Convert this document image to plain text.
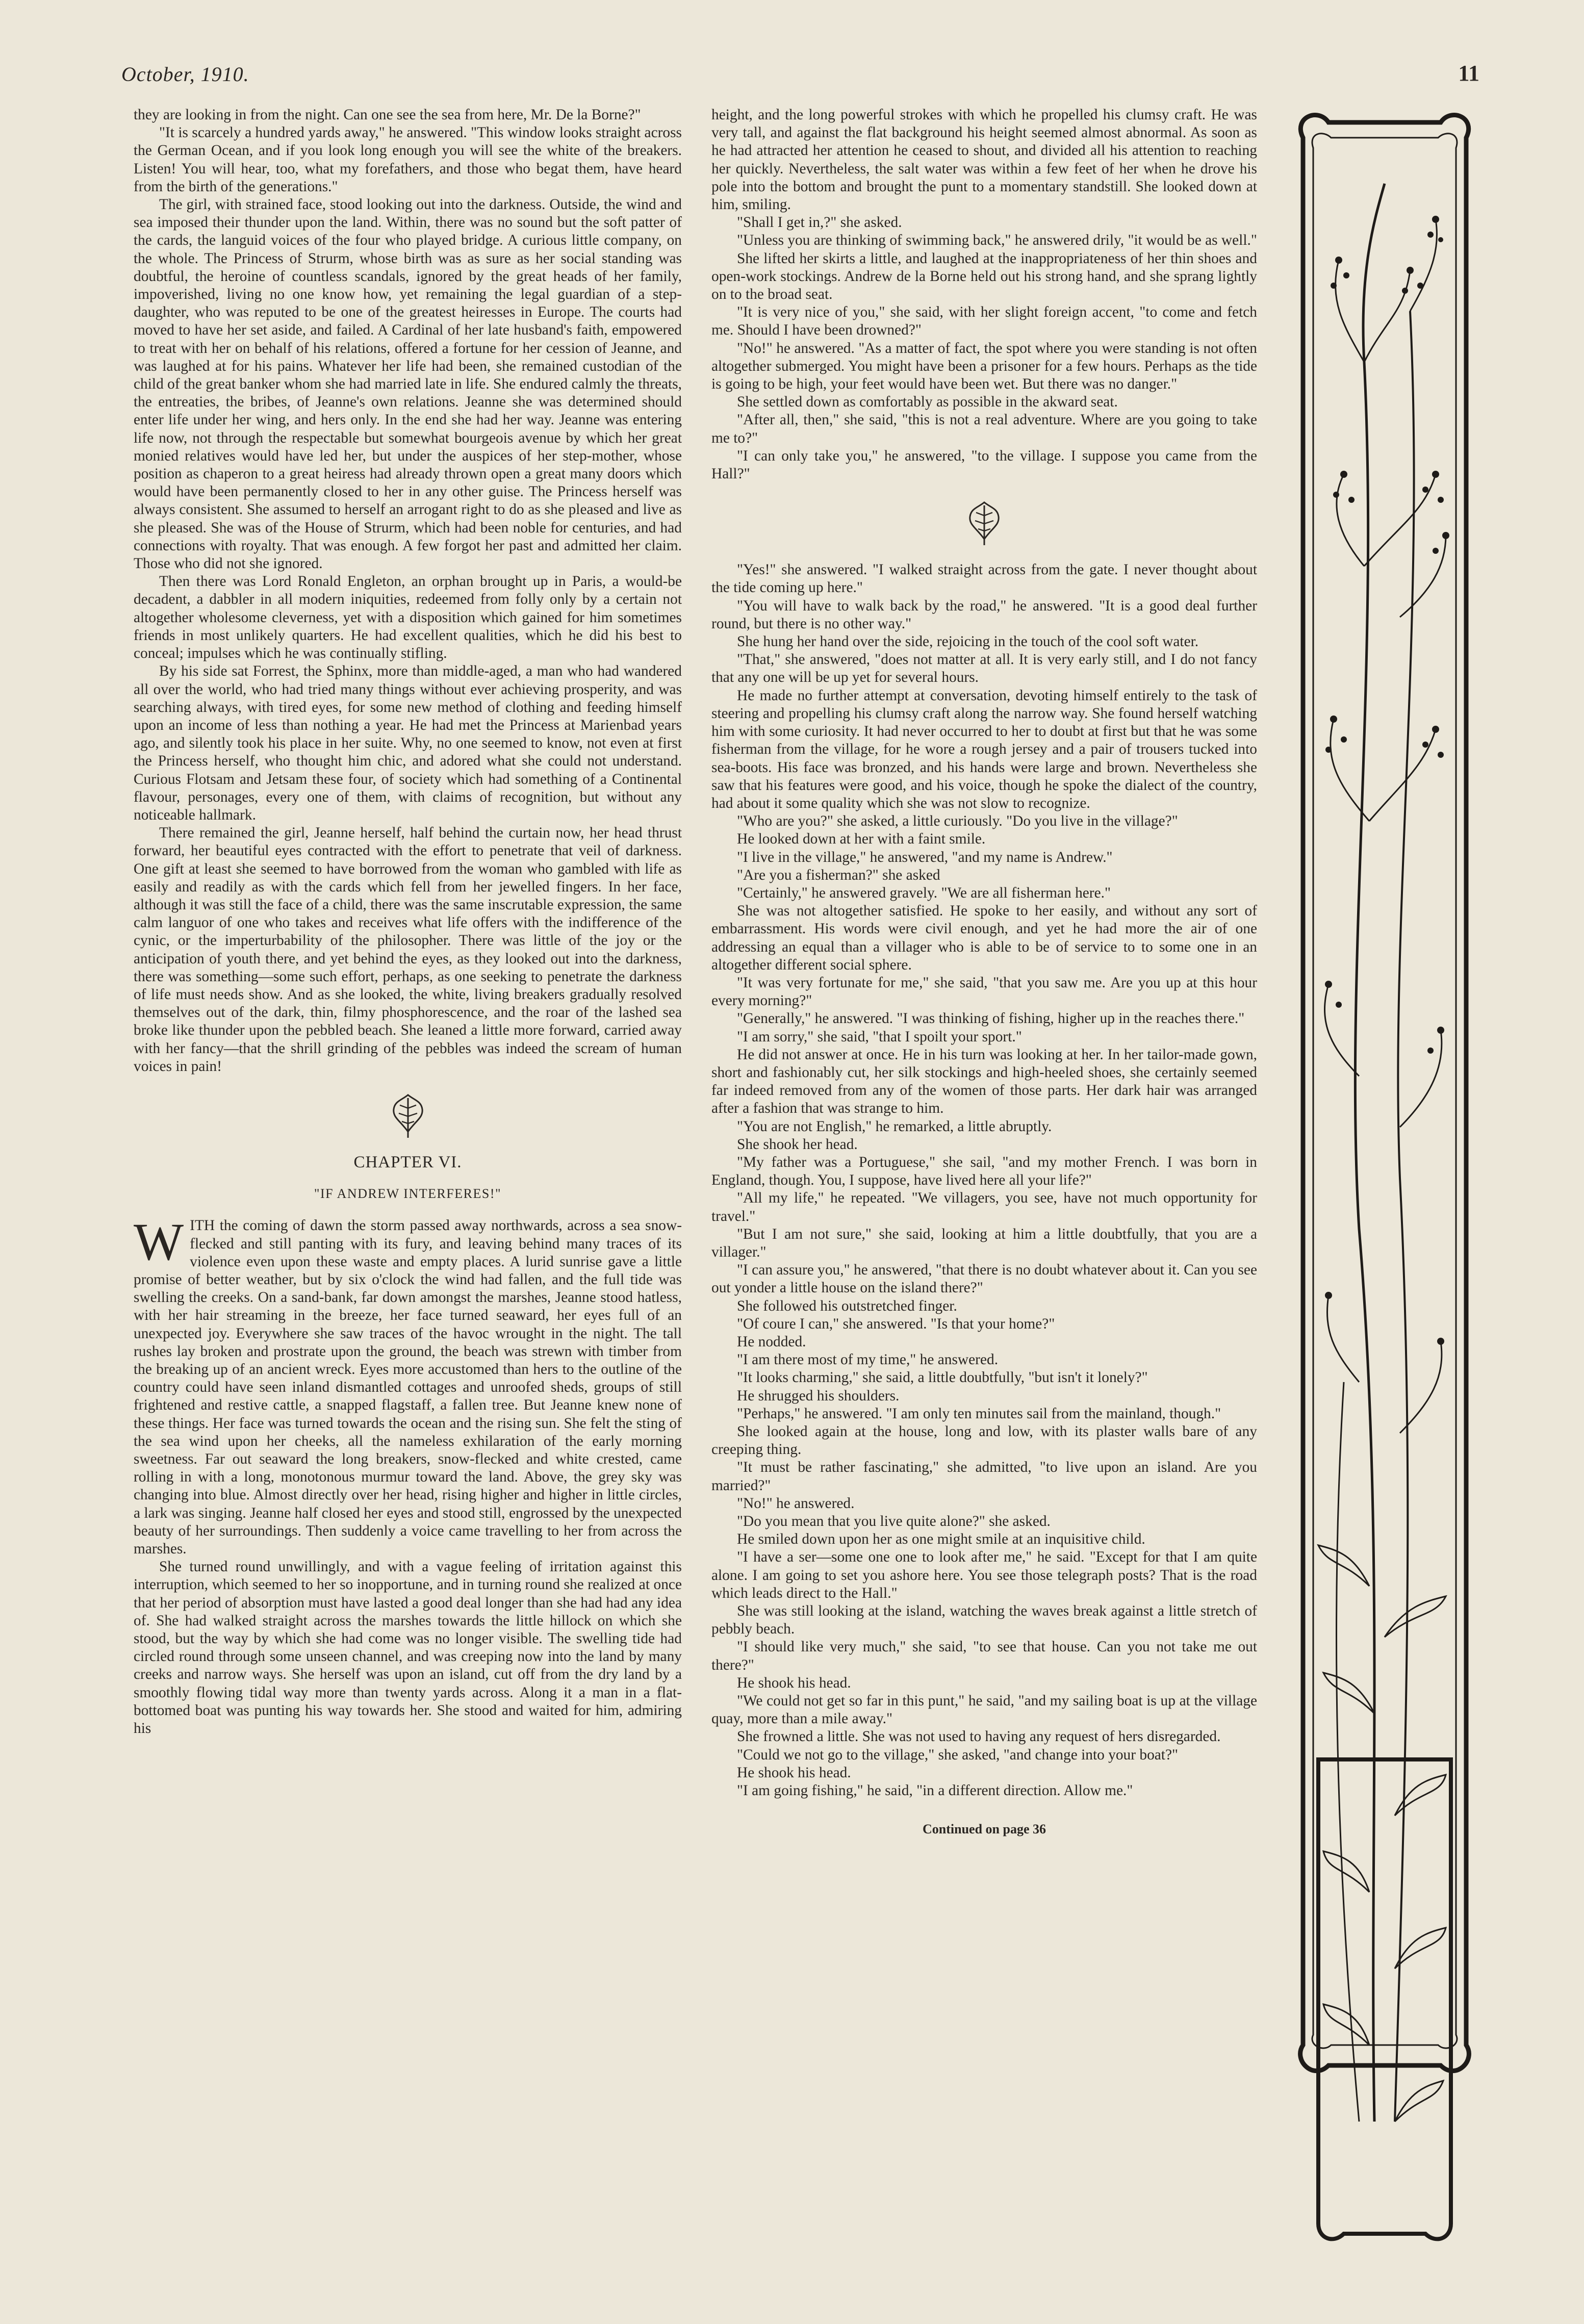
October, 1910.	11

they are looking in from the night. Can one see the sea from here, Mr. De la Borne?"

"It is scarcely a hundred yards away," he answered. "This window looks straight across the German Ocean, and if you look long enough you will see the white of the breakers. Listen! You will hear, too, what my forefathers, and those who begat them, have heard from the birth of the generations."

The girl, with strained face, stood looking out into the darkness. Outside, the wind and sea imposed their thunder upon the land. Within, there was no sound but the soft patter of the cards, the languid voices of the four who played bridge. A curious little company, on the whole. The Princess of Strurm, whose birth was as sure as her social standing was doubtful, the heroine of countless scandals, ignored by the great heads of her family, impoverished, living no one know how, yet remaining the legal guardian of a step-daughter, who was reputed to be one of the greatest heiresses in Europe. The courts had moved to have her set aside, and failed. A Cardinal of her late husband's faith, empowered to treat with her on behalf of his relations, offered a fortune for her cession of Jeanne, and was laughed at for his pains. Whatever her life had been, she remained custodian of the child of the great banker whom she had married late in life. She endured calmly the threats, the entreaties, the bribes, of Jeanne's own relations. Jeanne she was determined should enter life under her wing, and hers only. In the end she had her way. Jeanne was entering life now, not through the respectable but somewhat bourgeois avenue by which her great monied relatives would have led her, but under the auspices of her step-mother, whose position as chaperon to a great heiress had already thrown open a great many doors which would have been permanently closed to her in any other guise. The Princess herself was always consistent. She assumed to herself an arrogant right to do as she pleased and live as she pleased. She was of the House of Strurm, which had been noble for centuries, and had connections with royalty. That was enough. A few forgot her past and admitted her claim. Those who did not she ignored.

Then there was Lord Ronald Engleton, an orphan brought up in Paris, a would-be decadent, a dabbler in all modern iniquities, redeemed from folly only by a certain not altogether wholesome cleverness, yet with a disposition which gained for him sometimes friends in most unlikely quarters. He had excellent qualities, which he did his best to conceal; impulses which he was continually stifling.

By his side sat Forrest, the Sphinx, more than middle-aged, a man who had wandered all over the world, who had tried many things without ever achieving prosperity, and was searching always, with tired eyes, for some new method of clothing and feeding himself upon an income of less than nothing a year. He had met the Princess at Marienbad years ago, and silently took his place in her suite. Why, no one seemed to know, not even at first the Princess herself, who thought him chic, and adored what she could not understand. Curious Flotsam and Jetsam these four, of society which had something of a Continental flavour, personages, every one of them, with claims of recognition, but without any noticeable hallmark.

There remained the girl, Jeanne herself, half behind the curtain now, her head thrust forward, her beautiful eyes contracted with the effort to penetrate that veil of darkness. One gift at least she seemed to have borrowed from the woman who gambled with life as easily and readily as with the cards which fell from her jewelled fingers. In her face, although it was still the face of a child, there was the same inscrutable expression, the same calm languor of one who takes and receives what life offers with the indifference of the cynic, or the imperturbability of the philosopher. There was little of the joy or the anticipation of youth there, and yet behind the eyes, as they looked out into the darkness, there was something—some such effort, perhaps, as one seeking to penetrate the darkness of life must needs show. And as she looked, the white, living breakers gradually resolved themselves out of the dark, thin, filmy phosphorescence, and the roar of the lashed sea broke like thunder upon the pebbled beach. She leaned a little more forward, carried away with her fancy—that the shrill grinding of the pebbles was indeed the scream of human voices in pain!

CHAPTER VI.
"IF ANDREW INTERFERES!"
W ITH the coming of dawn the storm passed away northwards, across a sea snow-flecked and still panting with its fury, and leaving behind many traces of its violence even upon these waste and empty places. A lurid sunrise gave a little promise of better weather, but by six o'clock the wind had fallen, and the full tide was swelling the creeks. On a sand-bank, far down amongst the marshes, Jeanne stood hatless, with her hair streaming in the breeze, her face turned seaward, her eyes full of an unexpected joy. Everywhere she saw traces of the havoc wrought in the night. The tall rushes lay broken and prostrate upon the ground, the beach was strewn with timber from the breaking up of an ancient wreck. Eyes more accustomed than hers to the outline of the country could have seen inland dismantled cottages and unroofed sheds, groups of still frightened and restive cattle, a snapped flagstaff, a fallen tree. But Jeanne knew none of these things. Her face was turned towards the ocean and the rising sun. She felt the sting of the sea wind upon her cheeks, all the nameless exhilaration of the early morning sweetness. Far out seaward the long breakers, snow-flecked and white crested, came rolling in with a long, monotonous murmur toward the land. Above, the grey sky was changing into blue. Almost directly over her head, rising higher and higher in little circles, a lark was singing. Jeanne half closed her eyes and stood still, engrossed by the unexpected beauty of her surroundings. Then suddenly a voice came travelling to her from across the marshes.

She turned round unwillingly, and with a vague feeling of irritation against this interruption, which seemed to her so inopportune, and in turning round she realized at once that her period of absorption must have lasted a good deal longer than she had had any idea of. She had walked straight across the marshes towards the little hillock on which she stood, but the way by which she had come was no longer visible. The swelling tide had circled round through some unseen channel, and was creeping now into the land by many creeks and narrow ways. She herself was upon an island, cut off from the dry land by a smoothly flowing tidal way more than twenty yards across. Along it a man in a flat-bottomed boat was punting his way towards her. She stood and waited for him, admiring his

height, and the long powerful strokes with which he propelled his clumsy craft. He was very tall, and against the flat background his height seemed almost abnormal. As soon as he had attracted her attention he ceased to shout, and divided all his attention to reaching her quickly. Nevertheless, the salt water was within a few feet of her when he drove his pole into the bottom and brought the punt to a momentary standstill. She looked down at him, smiling.

"Shall I get in,?" she asked.

"Unless you are thinking of swimming back," he answered drily, "it would be as well."

She lifted her skirts a little, and laughed at the inappropriateness of her thin shoes and open-work stockings. Andrew de la Borne held out his strong hand, and she sprang lightly on to the broad seat.

"It is very nice of you," she said, with her slight foreign accent, "to come and fetch me. Should I have been drowned?"

"No!" he answered. "As a matter of fact, the spot where you were standing is not often altogether submerged. You might have been a prisoner for a few hours. Perhaps as the tide is going to be high, your feet would have been wet. But there was no danger."

She settled down as comfortably as possible in the akward seat.

"After all, then," she said, "this is not a real adventure. Where are you going to take me to?"

"I can only take you," he answered, "to the village. I suppose you came from the Hall?"

"Yes!" she answered. "I walked straight across from the gate. I never thought about the tide coming up here."

"You will have to walk back by the road," he answered. "It is a good deal further round, but there is no other way."

She hung her hand over the side, rejoicing in the touch of the cool soft water.

"That," she answered, "does not matter at all. It is very early still, and I do not fancy that any one will be up yet for several hours.

He made no further attempt at conversation, devoting himself entirely to the task of steering and propelling his clumsy craft along the narrow way. She found herself watching him with some curiosity. It had never occurred to her to doubt at first but that he was some fisherman from the village, for he wore a rough jersey and a pair of trousers tucked into sea-boots. His face was bronzed, and his hands were large and brown. Nevertheless she saw that his features were good, and his voice, though he spoke the dialect of the country, had about it some quality which she was not slow to recognize.

"Who are you?" she asked, a little curiously. "Do you live in the village?"

He looked down at her with a faint smile.

"I live in the village," he answered, "and my name is Andrew."

"Are you a fisherman?" she asked

"Certainly," he answered gravely. "We are all fisherman here."

She was not altogether satisfied. He spoke to her easily, and without any sort of embarrassment. His words were civil enough, and yet he had more the air of one addressing an equal than a villager who is able to be of service to to some one in an altogether different social sphere.

"It was very fortunate for me," she said, "that you saw me. Are you up at this hour every morning?"

"Generally," he answered. "I was thinking of fishing, higher up in the reaches there."

"I am sorry," she said, "that I spoilt your sport."

He did not answer at once. He in his turn was looking at her. In her tailor-made gown, short and fashionably cut, her silk stockings and high-heeled shoes, she certainly seemed far indeed removed from any of the women of those parts. Her dark hair was arranged after a fashion that was strange to him.

"You are not English," he remarked, a little abruptly.

She shook her head.

"My father was a Portuguese," she sail, "and my mother French. I was born in England, though. You, I suppose, have lived here all your life?"

"All my life," he repeated. "We villagers, you see, have not much opportunity for travel."

"But I am not sure," she said, looking at him a little doubtfully, that you are a villager."

"I can assure you," he answered, "that there is no doubt whatever about it. Can you see out yonder a little house on the island there?"

She followed his outstretched finger.

"Of coure I can," she answered. "Is that your home?"

He nodded.

"I am there most of my time," he answered.

"It looks charming," she said, a little doubtfully, "but isn't it lonely?"

He shrugged his shoulders.

"Perhaps," he answered. "I am only ten minutes sail from the mainland, though."

She looked again at the house, long and low, with its plaster walls bare of any creeping thing.

"It must be rather fascinating," she admitted, "to live upon an island. Are you married?"

"No!" he answered.

"Do you mean that you live quite alone?" she asked.

He smiled down upon her as one might smile at an inquisitive child.

"I have a ser—some one one to look after me," he said. "Except for that I am quite alone. I am going to set you ashore here. You see those telegraph posts? That is the road which leads direct to the Hall."

She was still looking at the island, watching the waves break against a little stretch of pebbly beach.

"I should like very much," she said, "to see that house. Can you not take me out there?"

He shook his head.

"We could not get so far in this punt," he said, "and my sailing boat is up at the village quay, more than a mile away."

She frowned a little. She was not used to having any request of hers disregarded.

"Could we not go to the village," she asked, "and change into your boat?"

He shook his head.

"I am going fishing," he said, "in a different direction. Allow me."

Continued on page 36
